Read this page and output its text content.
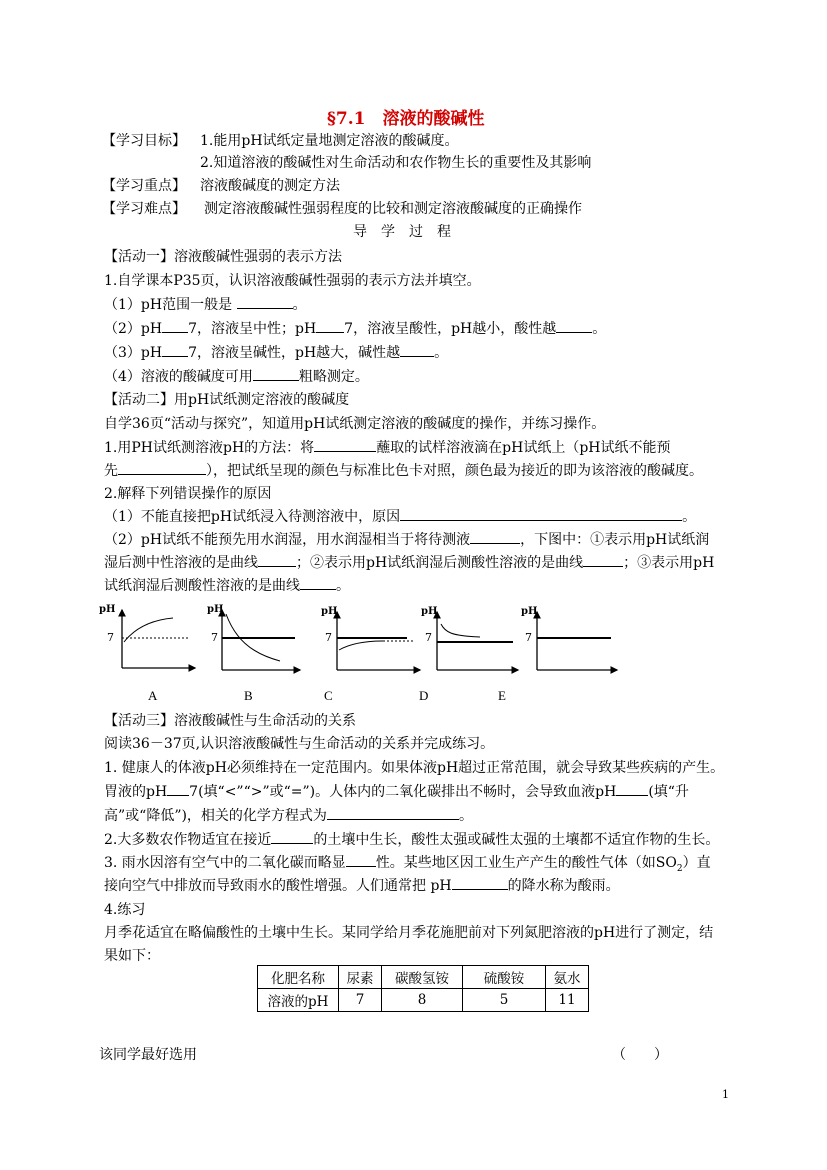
§7.1　溶液的酸碱性
【学习目标】 1.能用pH试纸定量地测定溶液的酸碱度。
2.知道溶液的酸碱性对生命活动和农作物生长的重要性及其影响
【学习重点】 溶液酸碱度的测定方法
【学习难点】 测定溶液酸碱性强弱程度的比较和测定溶液酸碱度的正确操作
导　学　过　程
【活动一】溶液酸碱性强弱的表示方法
1.自学课本P35页，认识溶液酸碱性强弱的表示方法并填空。
（1）pH范围一般是	。
（2）pH 7，溶液呈中性；pH 7，溶液呈酸性，pH越小，酸性越	。
（3）pH 7，溶液呈碱性，pH越大，碱性越 。
（4）溶液的酸碱度可用	粗略测定。
【活动二】用pH试纸测定溶液的酸碱度
自学36页“活动与探究”，知道用pH试纸测定溶液的酸碱度的操作，并练习操作。
1.用PH试纸测溶液pH的方法：将	蘸取的试样溶液滴在pH试纸上（pH试纸不能预
先	），把试纸呈现的颜色与标准比色卡对照，颜色最为接近的即为该溶液的酸碱度。
2.解释下列错误操作的原因
（1）不能直接把pH试纸浸入待测溶液中，原因	。
（2）pH试纸不能预先用水润湿，用水润湿相当于将待测液	，下图中：①表示用pH试纸润
湿后测中性溶液的是曲线	；②表示用pH试纸润湿后测酸性溶液的是曲线	；③表示用pH
试纸润湿后测酸性溶液的是曲线	。
pH
7
pH
7
pH
7
pH
7
pH
7
A	B	C	D	E
【活动三】溶液酸碱性与生命活动的关系
阅读36－37页,认识溶液酸碱性与生命活动的关系并完成练习。
1. 健康人的体液pH必须维持在一定范围内。如果体液pH超过正常范围，就会导致某些疾病的产生。
胃液的pH 7(填“<”“>”或“=”)。人体内的二氧化碳排出不畅时，会导致血液pH (填“升
高”或“降低”)，相关的化学方程式为	。
2.大多数农作物适宜在接近	的土壤中生长，酸性太强或碱性太强的土壤都不适宜作物的生长。
3. 雨水因溶有空气中的二氧化碳而略显 性。某些地区因工业生产产生的酸性气体（如$SO_2$）直
接向空气中排放而导致雨水的酸性增强。人们通常把 pH	的降水称为酸雨。
4.练习
月季花适宜在略偏酸性的土壤中生长。某同学给月季花施肥前对下列氮肥溶液的pH进行了测定，结
果如下：
化肥名称	尿素	碳酸氢铵	硫酸铵	氨水
溶液的pH	7	8	5	11
该同学最好选用	（　　）
1
